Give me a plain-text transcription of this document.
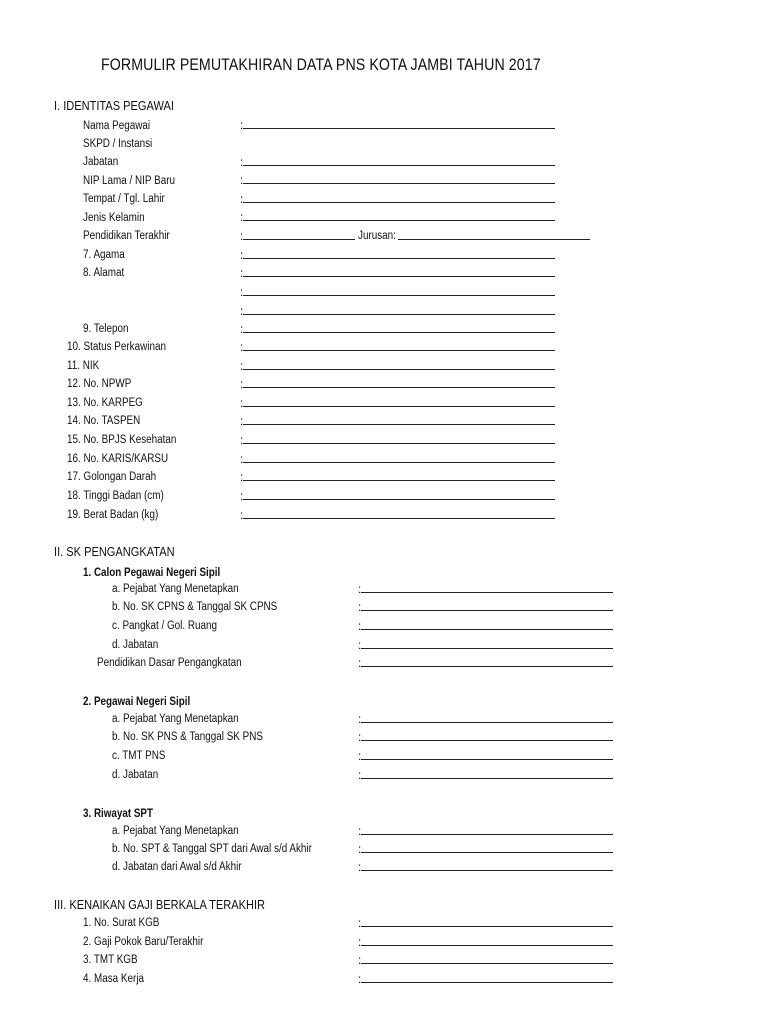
FORMULIR PEMUTAKHIRAN DATA PNS KOTA JAMBI TAHUN 2017
I. IDENTITAS PEGAWAI
Nama Pegawai	:
SKPD / Instansi
Jabatan	:
NIP Lama / NIP Baru	:
Tempat / Tgl. Lahir	:
Jenis Kelamin	:
Pendidikan Terakhir	:	Jurusan:
7. Agama	:
8. Alamat	:
:
:
9. Telepon	:
10. Status Perkawinan	:
11. NIK	:
12. No. NPWP	:
13. No. KARPEG	:
14. No. TASPEN	:
15. No. BPJS Kesehatan	:
16. No. KARIS/KARSU	:
17. Golongan Darah	:
18. Tinggi Badan (cm)	:
19. Berat Badan (kg)	:
II. SK PENGANGKATAN
1. Calon Pegawai Negeri Sipil
a. Pejabat Yang Menetapkan	:
b. No. SK CPNS & Tanggal SK CPNS	:
c. Pangkat / Gol. Ruang	:
d. Jabatan	:
Pendidikan Dasar Pengangkatan	:
2. Pegawai Negeri Sipil
a. Pejabat Yang Menetapkan	:
b. No. SK PNS & Tanggal SK PNS	:
c. TMT PNS	:
d. Jabatan	:
3. Riwayat SPT
a. Pejabat Yang Menetapkan	:
b. No. SPT & Tanggal SPT dari Awal s/d Akhir	:
d. Jabatan dari Awal s/d Akhir	:
III. KENAIKAN GAJI BERKALA TERAKHIR
1. No. Surat KGB	:
2. Gaji Pokok Baru/Terakhir	:
3. TMT KGB	:
4. Masa Kerja	:
